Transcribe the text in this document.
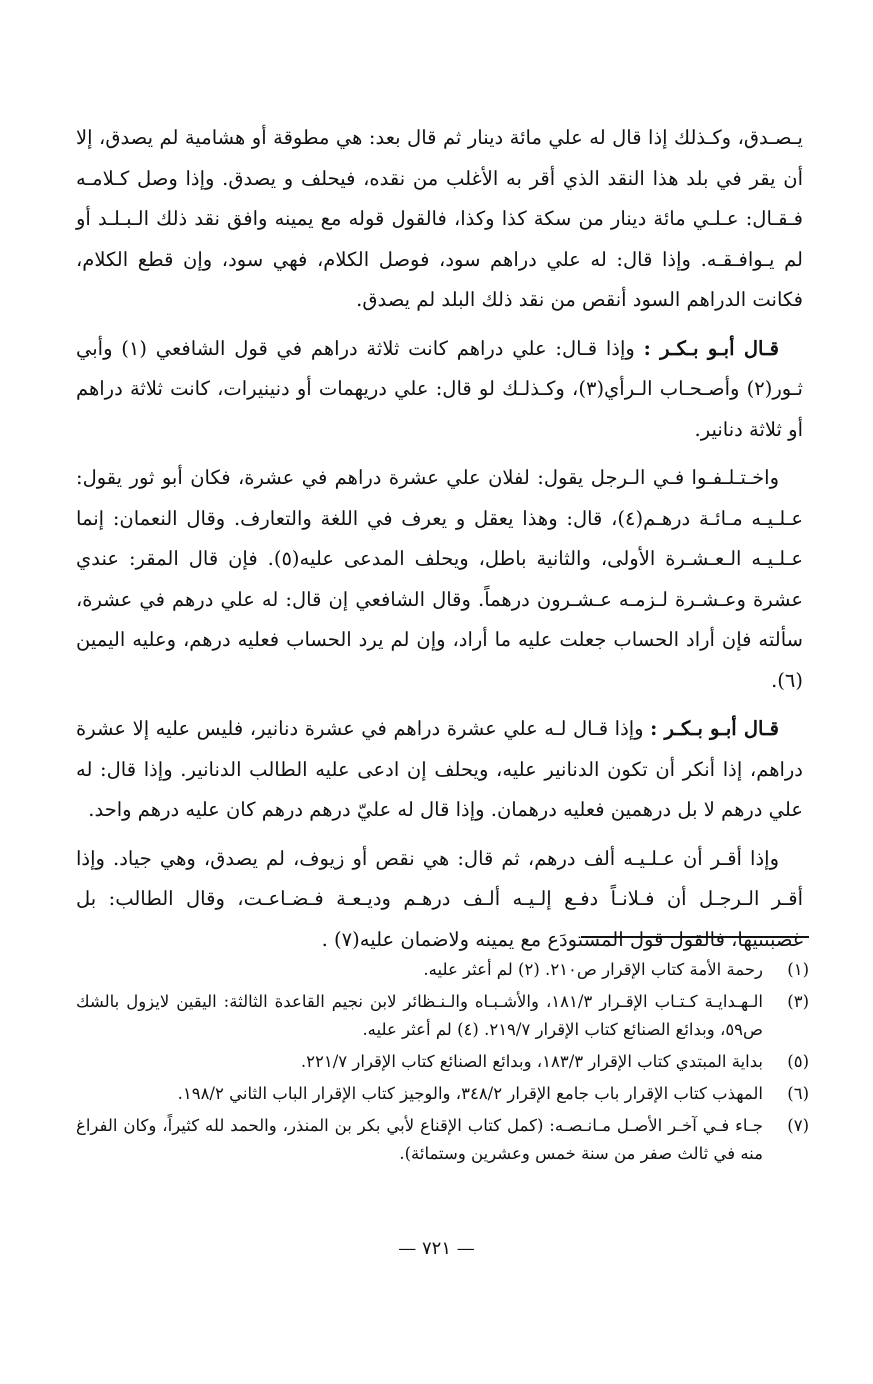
يـصـدق، وكـذلك إذا قال له علي مائة دينار ثم قال بعد: هي مطوقة أو هشامية لم يصدق، إلا أن يقر في بلد هذا النقد الذي أقر به الأغلب من نقده، فيحلف و يصدق. وإذا وصل كـلامـه فـقـال: عـلـي مائة دينار من سكة كذا وكذا، فالقول قوله مع يمينه وافق نقد ذلك الـبـلـد أو لم يـوافـقـه. وإذا قال: له علي دراهم سود، فوصل الكلام، فهي سود، وإن قطع الكلام، فكانت الدراهم السود أنقص من نقد ذلك البلد لم يصدق.

قـال أبـو بـكـر : وإذا قـال: علي دراهم كانت ثلاثة دراهم في قول الشافعي (١) وأبي ثـور(٢) وأصـحـاب الـرأي(٣)، وكـذلـك لو قال: علي دريهمات أو دنينيرات، كانت ثلاثة دراهم أو ثلاثة دنانير.

واخـتـلـفـوا فـي الـرجل يقول: لفلان علي عشرة دراهم في عشرة، فكان أبو ثور يقول: عـلـيـه مـائـة درهـم(٤)، قال: وهذا يعقل و يعرف في اللغة والتعارف. وقال النعمان: إنما عـلـيـه الـعـشـرة الأولى، والثانية باطل، ويحلف المدعى عليه(٥). فإن قال المقر: عندي عشرة وعـشـرة لـزمـه عـشـرون درهماً. وقال الشافعي إن قال: له علي درهم في عشرة، سألته فإن أراد الحساب جعلت عليه ما أراد، وإن لم يرد الحساب فعليه درهم، وعليه اليمين (٦).

قـال أبـو بـكـر : وإذا قـال لـه علي عشرة دراهم في عشرة دنانير، فليس عليه إلا عشرة دراهم، إذا أنكر أن تكون الدنانير عليه، ويحلف إن ادعى عليه الطالب الدنانير. وإذا قال: له علي درهم لا بل درهمين فعليه درهمان. وإذا قال له عليّ درهم درهم كان عليه درهم واحد.

وإذا أقـر أن عـلـيـه ألف درهم، ثم قال: هي نقص أو زيوف، لم يصدق، وهي جياد. وإذا أقـر الـرجـل أن فـلانـاً دفـع إلـيـه ألـف درهـم وديـعـة فـضـاعـت، وقال الطالب: بل غصبتنيها، فالقول قول المستودَع مع يمينه ولاضمان عليه(٧) .

(١)
رحمة الأمة كتاب الإقرار ص٢١٠. (٢) لم أعثر عليه.
(٣)
الـهـدايـة كـتـاب الإقـرار ١٨١/٣، والأشـبـاه والـنـظائر لابن نجيم القاعدة الثالثة: اليقين لايزول بالشك ص٥٩، وبدائع الصنائع كتاب الإقرار ٢١٩/٧. (٤) لم أعثر عليه.
(٥)
بداية المبتدي كتاب الإقرار ١٨٣/٣، وبدائع الصنائع كتاب الإقرار ٢٢١/٧.
(٦)
المهذب كتاب الإقرار باب جامع الإقرار ٣٤٨/٢، والوجيز كتاب الإقرار الباب الثاني ١٩٨/٢.
(٧)
جـاء فـي آخـر الأصـل مـانـصـه: (كمل كتاب الإقناع لأبي بكر بن المنذر، والحمد لله كثيراً، وكان الفراغ منه في ثالث صفر من سنة خمس وعشرين وستمائة).
— ٧٢١ —
